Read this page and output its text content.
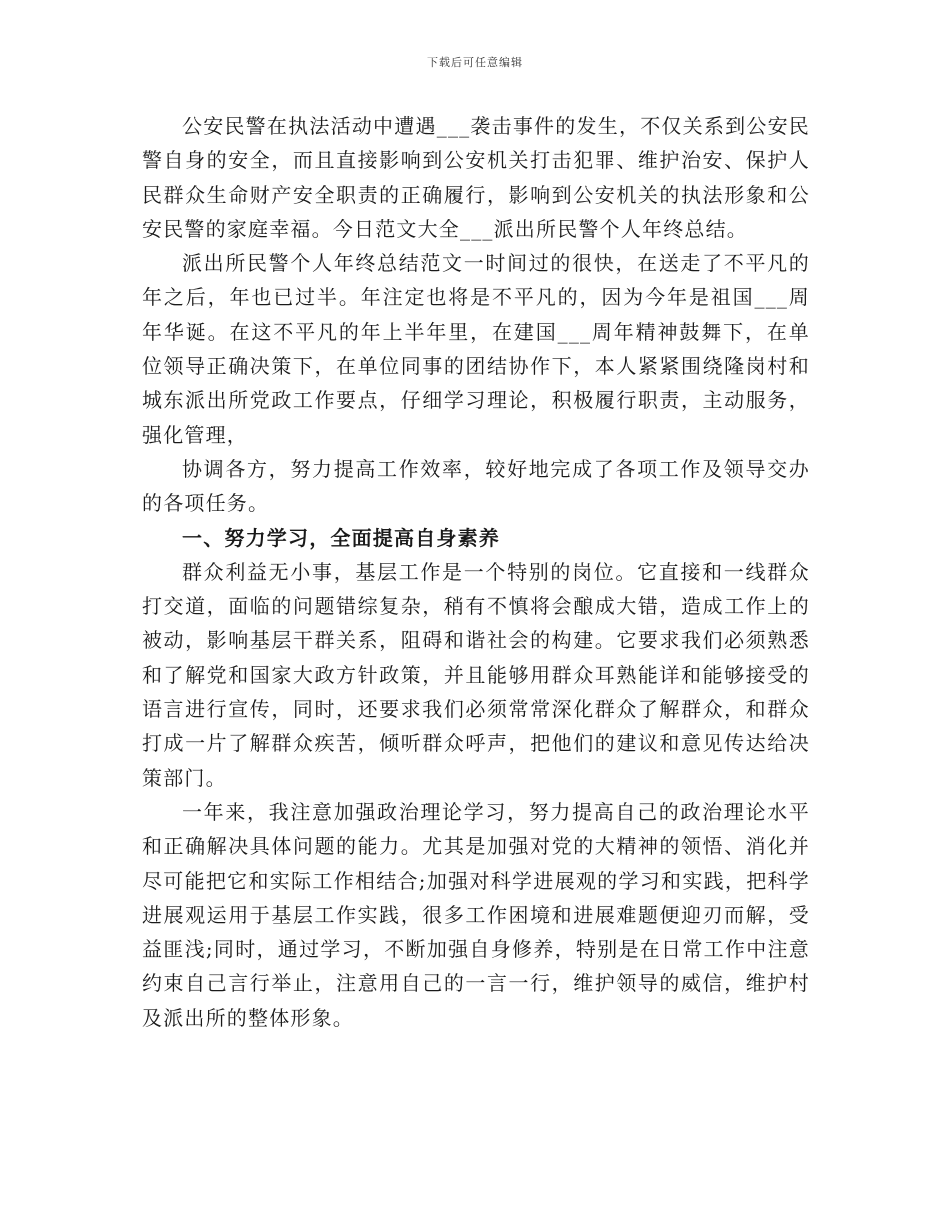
下载后可任意编辑

公安民警在执法活动中遭遇___袭击事件的发生，不仅关系到公安民警自身的安全，而且直接影响到公安机关打击犯罪、维护治安、保护人民群众生命财产安全职责的正确履行，影响到公安机关的执法形象和公安民警的家庭幸福。今日范文大全___派出所民警个人年终总结。

派出所民警个人年终总结范文一时间过的很快，在送走了不平凡的年之后，年也已过半。年注定也将是不平凡的，因为今年是祖国___周年华诞。在这不平凡的年上半年里，在建国___周年精神鼓舞下，在单位领导正确决策下，在单位同事的团结协作下，本人紧紧围绕隆岗村和城东派出所党政工作要点，仔细学习理论，积极履行职责，主动服务，强化管理，

协调各方，努力提高工作效率，较好地完成了各项工作及领导交办的各项任务。

一、努力学习，全面提高自身素养

群众利益无小事，基层工作是一个特别的岗位。它直接和一线群众打交道，面临的问题错综复杂，稍有不慎将会酿成大错，造成工作上的被动，影响基层干群关系，阻碍和谐社会的构建。它要求我们必须熟悉和了解党和国家大政方针政策，并且能够用群众耳熟能详和能够接受的语言进行宣传，同时，还要求我们必须常常深化群众了解群众，和群众打成一片了解群众疾苦，倾听群众呼声，把他们的建议和意见传达给决策部门。

一年来，我注意加强政治理论学习，努力提高自己的政治理论水平和正确解决具体问题的能力。尤其是加强对党的大精神的领悟、消化并尽可能把它和实际工作相结合;加强对科学进展观的学习和实践，把科学进展观运用于基层工作实践，很多工作困境和进展难题便迎刃而解，受益匪浅;同时，通过学习，不断加强自身修养，特别是在日常工作中注意约束自己言行举止，注意用自己的一言一行，维护领导的威信，维护村及派出所的整体形象。
